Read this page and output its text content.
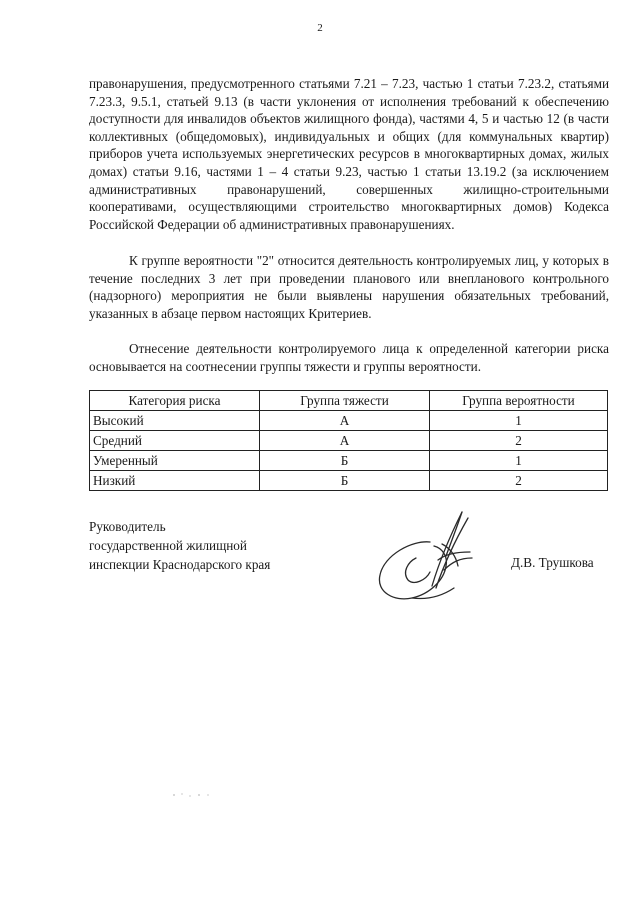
2

правонарушения, предусмотренного статьями 7.21 – 7.23, частью 1 статьи 7.23.2, статьями 7.23.3, 9.5.1, статьей 9.13 (в части уклонения от исполнения требований к обеспечению доступности для инвалидов объектов жилищного фонда), частями 4, 5 и частью 12 (в части коллективных (общедомовых), индивидуальных и общих (для коммунальных квартир) приборов учета используемых энергетических ресурсов в многоквартирных домах, жилых домах) статьи 9.16, частями 1 – 4 статьи 9.23, частью 1 статьи 13.19.2 (за исключением административных правонарушений, совершенных жилищно-строительными кооперативами, осуществляющими строительство многоквартирных домов) Кодекса Российской Федерации об административных правонарушениях.

К группе вероятности "2" относится деятельность контролируемых лиц, у которых в течение последних 3 лет при проведении планового или внепланового контрольного (надзорного) мероприятия не были выявлены нарушения обязательных требований, указанных в абзаце первом настоящих Критериев.

Отнесение деятельности контролируемого лица к определенной категории риска основывается на соотнесении группы тяжести и группы вероятности.

Категория риска	Группа тяжести	Группа вероятности
Высокий	А	1
Средний	А	2
Умеренный	Б	1
Низкий	Б	2
Руководитель
государственной жилищной
инспекции Краснодарского края	Д.В. Трушкова
